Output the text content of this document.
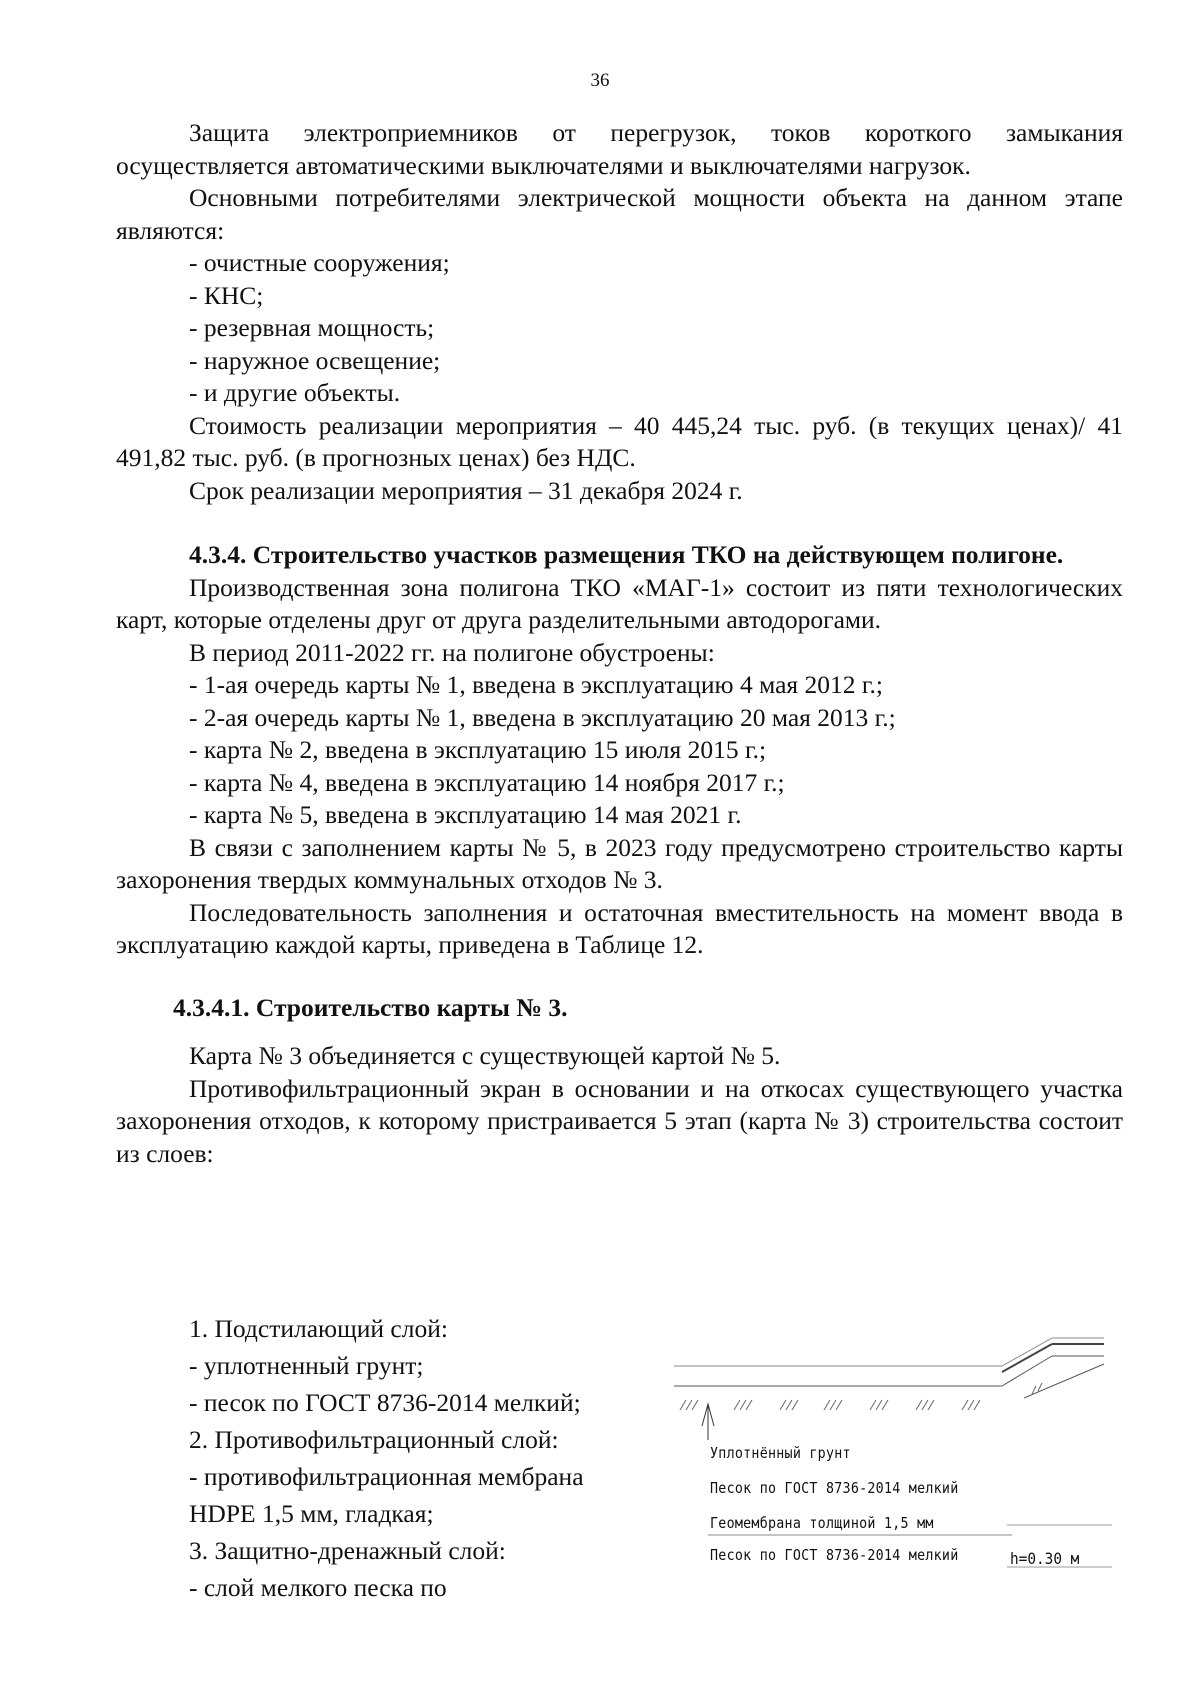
36

Защита электроприемников от перегрузок, токов короткого замыкания осуществляется автоматическими выключателями и выключателями нагрузок.

Основными потребителями электрической мощности объекта на данном этапе являются:

- очистные сооружения;

- КНС;

- резервная мощность;

- наружное освещение;

- и другие объекты.

Стоимость реализации мероприятия – 40 445,24 тыс. руб. (в текущих ценах)/ 41 491,82 тыс. руб. (в прогнозных ценах) без НДС.

Срок реализации мероприятия – 31 декабря 2024 г.

4.3.4. Строительство участков размещения ТКО на действующем полигоне.

Производственная зона полигона ТКО «МАГ-1» состоит из пяти технологических карт, которые отделены друг от друга разделительными автодорогами.

В период 2011-2022 гг. на полигоне обустроены:

- 1-ая очередь карты № 1, введена в эксплуатацию 4 мая 2012 г.;

- 2-ая очередь карты № 1, введена в эксплуатацию 20 мая 2013 г.;

- карта № 2, введена в эксплуатацию 15 июля 2015 г.;

- карта № 4, введена в эксплуатацию 14 ноября 2017 г.;

- карта № 5, введена в эксплуатацию 14 мая 2021 г.

В связи с заполнением карты № 5, в 2023 году предусмотрено строительство карты захоронения твердых коммунальных отходов № 3.

Последовательность заполнения и остаточная вместительность на момент ввода в эксплуатацию каждой карты, приведена в Таблице 12.

4.3.4.1. Строительство карты № 3.

Карта № 3 объединяется с существующей картой № 5.

Противофильтрационный экран в основании и на откосах существующего участка захоронения отходов, к которому пристраивается 5 этап (карта № 3) строительства состоит из слоев:

1. Подстилающий слой:

- уплотненный грунт;

- песок по ГОСТ 8736-2014 мелкий;

2. Противофильтрационный слой:

- противофильтрационная мембрана HDPE 1,5 мм, гладкая;

3. Защитно-дренажный слой:

- слой мелкого песка по

Уплотнённый грунт
Песок по ГОСТ 8736-2014 мелкий
Геомембрана толщиной 1,5 мм
Песок по ГОСТ 8736-2014 мелкий	h=0.30 м
